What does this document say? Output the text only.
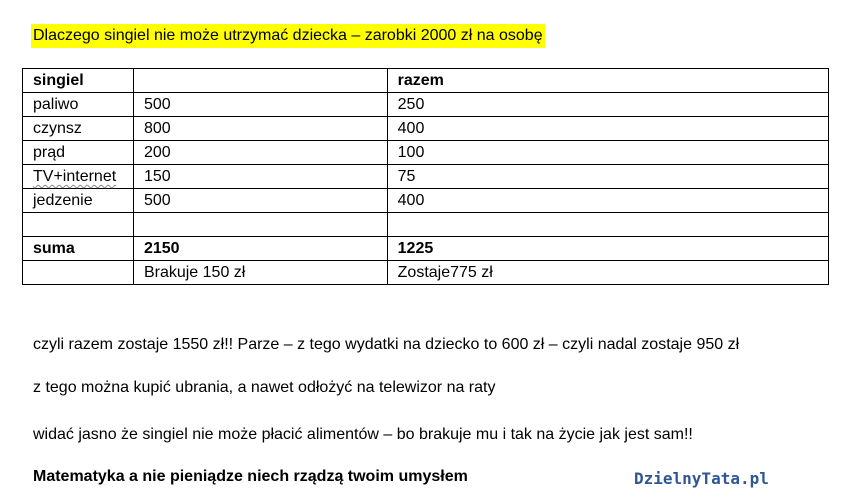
Dlaczego singiel nie może utrzymać dziecka – zarobki 2000 zł na osobę
singiel		razem
paliwo	500	250
czynsz	800	400
prąd	200	100
TV+internet	150	75
jedzenie	500	400

suma	2150	1225
	Brakuje 150 zł	Zostaje775 zł
czyli razem zostaje 1550 zł!! Parze – z tego wydatki na dziecko to 600 zł – czyli nadal zostaje 950 zł
z tego można kupić ubrania, a nawet odłożyć na telewizor na raty
widać jasno że singiel nie może płacić alimentów – bo brakuje mu i tak na życie jak jest sam!!
Matematyka a nie pieniądze niech rządzą twoim umysłem	DzielnyTata.pl
